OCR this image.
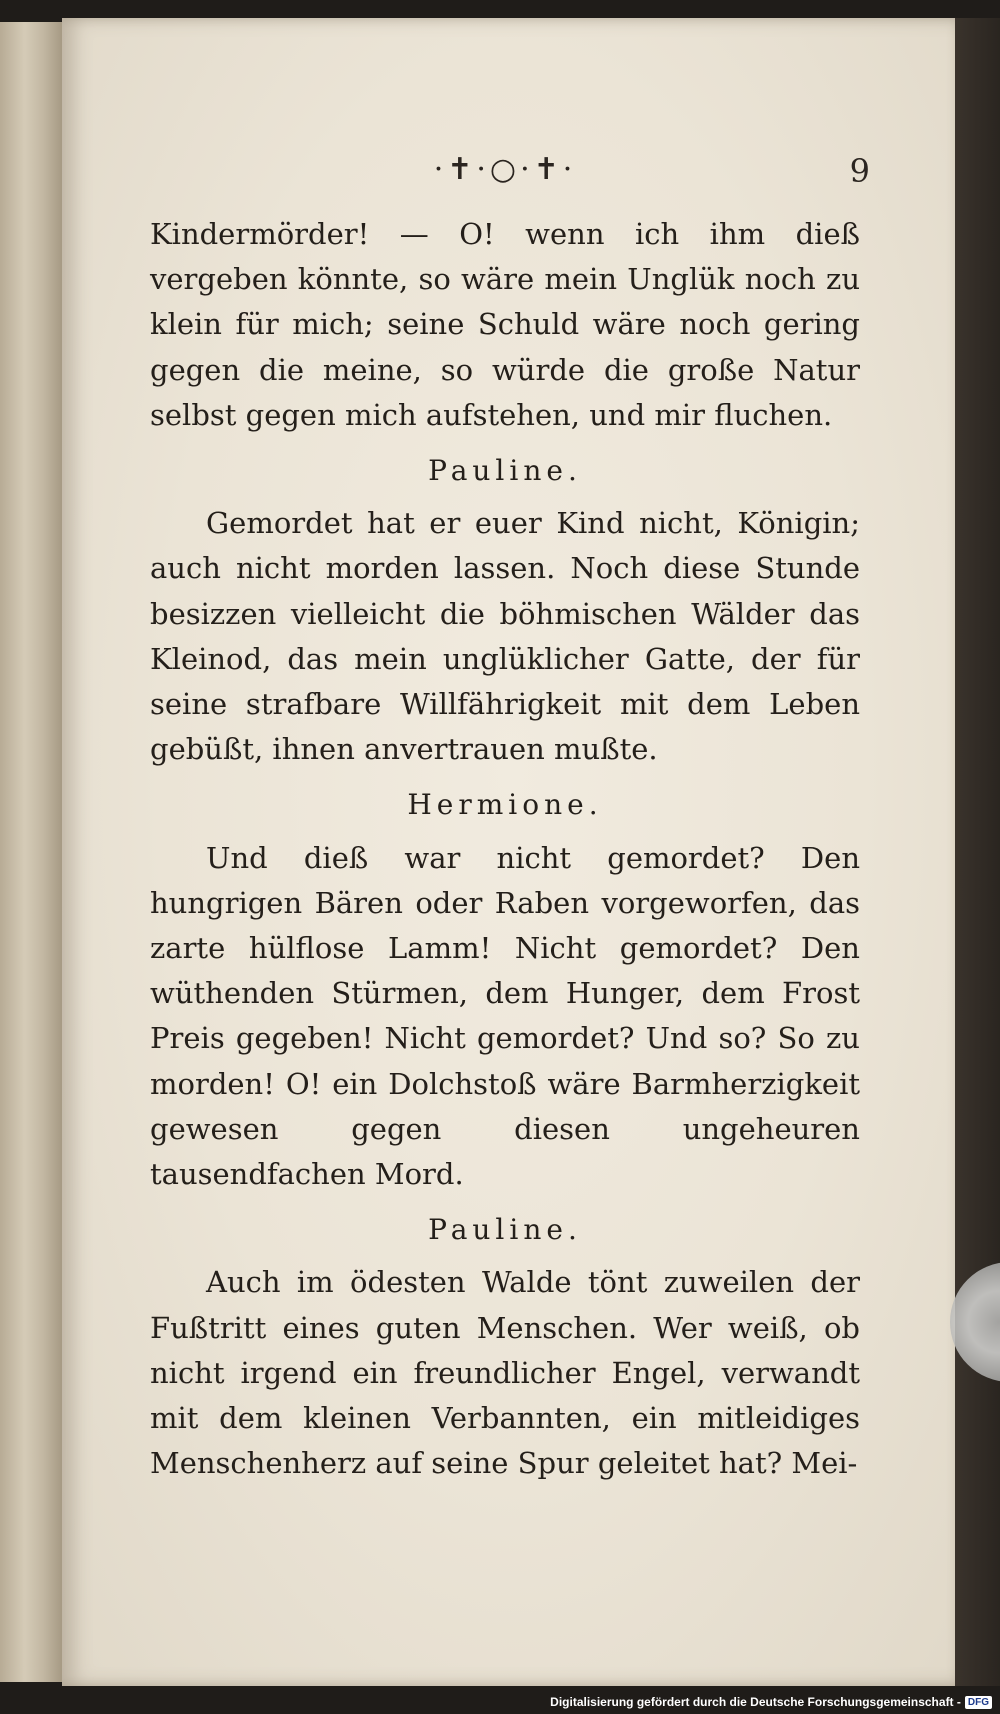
·✝·○·✝·	9

Kindermörder! — O! wenn ich ihm dieß vergeben könnte, so wäre mein Unglük noch zu klein für mich; seine Schuld wäre noch gering gegen die meine, so würde die große Natur selbst gegen mich aufstehen, und mir fluchen.

Pauline.

Gemordet hat er euer Kind nicht, Königin; auch nicht morden lassen. Noch diese Stunde besizzen vielleicht die böhmischen Wälder das Kleinod, das mein unglüklicher Gatte, der für seine strafbare Willfährigkeit mit dem Leben gebüßt, ihnen anvertrauen mußte.

Hermione.

Und dieß war nicht gemordet? Den hungrigen Bären oder Raben vorgeworfen, das zarte hülflose Lamm! Nicht gemordet? Den wüthenden Stürmen, dem Hunger, dem Frost Preis gegeben! Nicht gemordet? Und so? So zu morden! O! ein Dolchstoß wäre Barmherzigkeit gewesen gegen diesen ungeheuren tausendfachen Mord.

Pauline.

Auch im ödesten Walde tönt zuweilen der Fußtritt eines guten Menschen. Wer weiß, ob nicht irgend ein freundlicher Engel, verwandt mit dem kleinen Verbannten, ein mitleidiges Menschenherz auf seine Spur geleitet hat? Mei-

Digitalisierung gefördert durch die Deutsche Forschungsgemeinschaft - DFG
